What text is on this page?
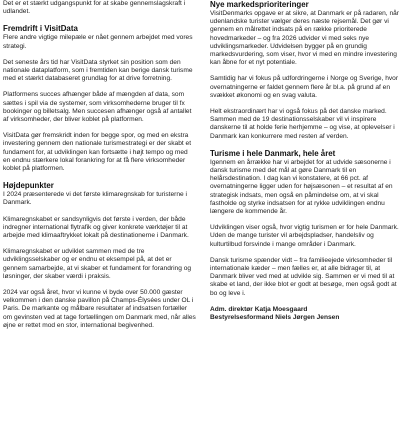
Det er et stærkt udgangspunkt for at skabe gennemslagskraft i udlandet.

Fremdrift i VisitData

Flere andre vigtige milepæle er nået gennem arbejdet med vores strategi.

Det seneste års tid har VisitData styrket sin position som den nationale dataplatform, som i fremtiden kan berige dansk turisme med et stærkt databaseret grundlag for at drive forretning.

Platformens succes afhænger både af mængden af data, som sættes i spil via de systemer, som virksomhederne bruger til fx bookinger og billetsalg. Men succesen afhænger også af antallet af virksomheder, der bliver koblet på platformen.

VisitData gør fremskridt inden for begge spor, og med en ekstra investering gennem den nationale turismestrategi er der skabt et fundament for, at udviklingen kan fortsætte i højt tempo og med en endnu stærkere lokal forankring for at få flere virksomheder koblet på platformen.

Højdepunkter

I 2024 præsenterede vi det første klimaregnskab for turisterne i Danmark.

Klimaregnskabet er sandsynligvis det første i verden, der både indregner international flytrafik og giver konkrete værktøjer til at arbejde med klimaaftrykket lokalt på destinationerne i Danmark.

Klimaregnskabet er udviklet sammen med de tre udviklingsselskaber og er endnu et eksempel på, at det er gennem samarbejde, at vi skaber et fundament for forandring og løsninger, der skaber værdi i praksis.

2024 var også året, hvor vi kunne vi byde over 50.000 gæster velkommen i den danske pavillon på Champs-Élysées under OL i Paris. De markante og målbare resultater af indsatsen fortæller om gevinsten ved at tage fortællingen om Danmark med, når alles øjne er rettet mod en stor, international begivenhed.

Nye markedsprioriteringer

VisitDenmarks opgave er at sikre, at Danmark er på radaren, når udenlandske turister vælger deres næste rejsemål. Det gør vi gennem en målrettet indsats på en række prioriterede hovedmarkeder – og fra 2026 udvider vi med seks nye udviklingsmarkeder. Udvidelsen bygger på en grundig markedsvurdering, som viser, hvor vi med en mindre investering kan åbne for et nyt potentiale.

Samtidig har vi fokus på udfordringerne i Norge og Sverige, hvor overnatningerne er faldet gennem flere år bl.a. på grund af en svækket økonomi og en svag valuta.

Helt ekstraordinært har vi også fokus på det danske marked. Sammen med de 19 destinationsselskaber vil vi inspirere danskerne til at holde ferie herhjemme – og vise, at oplevelser i Danmark kan konkurrere med resten af verden.

Turisme i hele Danmark, hele året

Igennem en årrække har vi arbejdet for at udvide sæsonerne i dansk turisme med det mål at gøre Danmark til en helårsdestination. I dag kan vi konstatere, at 66 pct. af overnatningerne ligger uden for højsæsonen – et resultat af en strategisk indsats, men også en påmindelse om, at vi skal fastholde og styrke indsatsen for at rykke udviklingen endnu længere de kommende år.

Udviklingen viser også, hvor vigtig turismen er for hele Danmark. Uden de mange turister vil arbejdspladser, handelsliv og kulturtilbud forsvinde i mange områder i Danmark.

Dansk turisme spænder vidt – fra familieejede virksomheder til internationale kæder – men fælles er, at alle bidrager til, at Danmark bliver ved med at udvikle sig. Sammen er vi med til at skabe et land, der ikke blot er godt at besøge, men også godt at bo og leve i.

Adm. direktør Katja Moesgaard

Bestyrelsesformand Niels Jørgen Jensen
